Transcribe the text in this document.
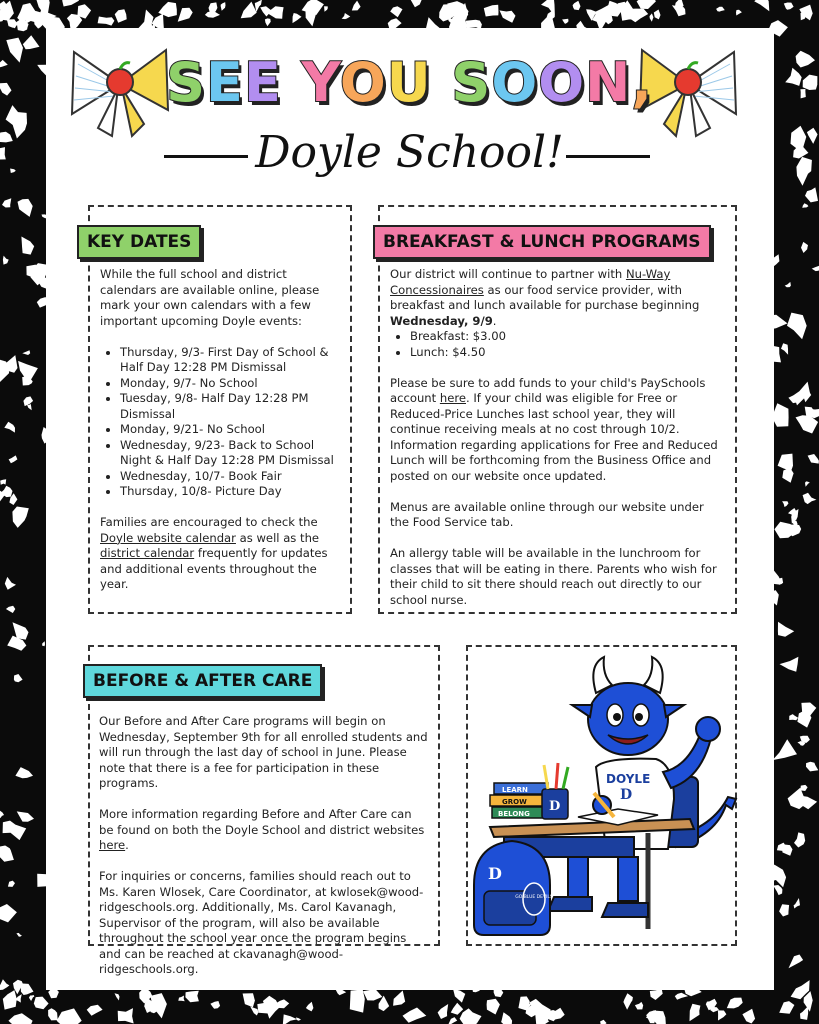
SEE YOU SOON,
Doyle School!
KEY DATES

While the full school and district calendars are available online, please mark your own calendars with a few important upcoming Doyle events:

• Thursday, 9/3- First Day of School & Half Day 12:28 PM Dismissal
• Monday, 9/7- No School
• Tuesday, 9/8- Half Day 12:28 PM Dismissal
• Monday, 9/21- No School
• Wednesday, 9/23- Back to School Night & Half Day 12:28 PM Dismissal
• Wednesday, 10/7- Book Fair
• Thursday, 10/8- Picture Day

Families are encouraged to check the Doyle website calendar as well as the district calendar frequently for updates and additional events throughout the year.

BREAKFAST & LUNCH PROGRAMS

Our district will continue to partner with Nu-Way Concessionaires as our food service provider, with breakfast and lunch available for purchase beginning Wednesday, 9/9.

• Breakfast: $3.00
• Lunch: $4.50

Please be sure to add funds to your child's PaySchools account here. If your child was eligible for Free or Reduced-Price Lunches last school year, they will continue receiving meals at no cost through 10/2. Information regarding applications for Free and Reduced Lunch will be forthcoming from the Business Office and posted on our website once updated.

Menus are available online through our website under the Food Service tab.

An allergy table will be available in the lunchroom for classes that will be eating in there. Parents who wish for their child to sit there should reach out directly to our school nurse.

Our Before and After Care programs will begin on Wednesday, September 9th for all enrolled students and will run through the last day of school in June. Please note that there is a fee for participation in these programs.

More information regarding Before and After Care can be found on both the Doyle School and district websites here.

For inquiries or concerns, families should reach out to Ms. Karen Wlosek, Care Coordinator, at kwlosek@wood-ridgeschools.org. Additionally, Ms. Carol Kavanagh, Supervisor of the program, will also be available throughout the school year once the program begins and can be reached at ckavanagh@wood-ridgeschools.org.

BEFORE & AFTER CARE
DOYLE
D
LEARN
GROW
BELONG D
D
GO BLUE DEVILS
